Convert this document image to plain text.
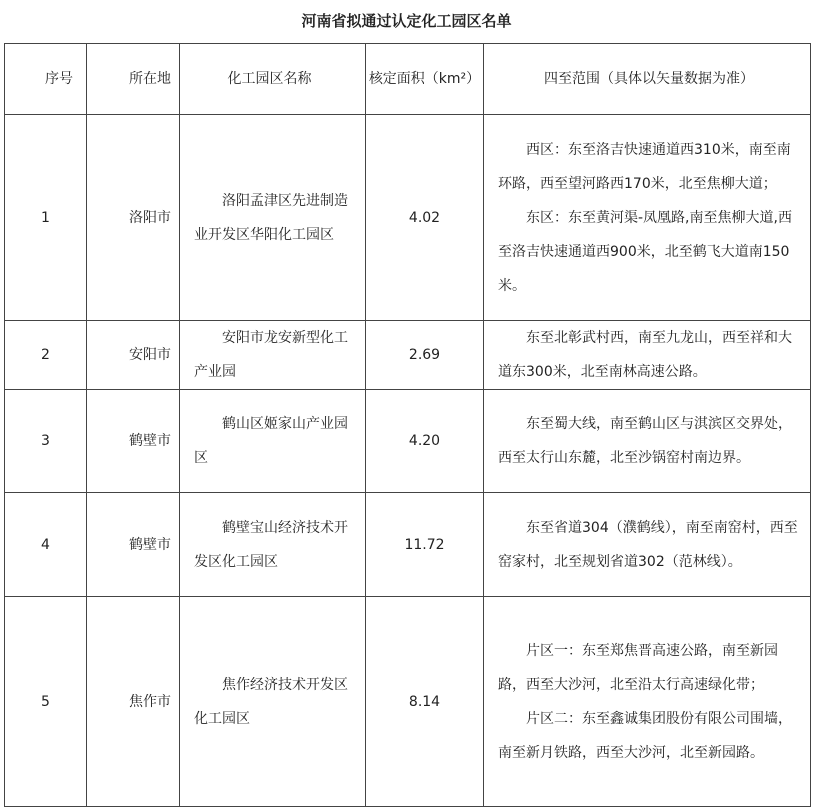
河南省拟通过认定化工园区名单
序号	所在地	化工园区名称	核定面积（km²）	四至范围（具体以矢量数据为准）
1	洛阳市	洛阳孟津区先进制造业开发区华阳化工园区	4.02	西区：东至洛吉快速通道西310米，南至南环路，西至望河路西170米，北至焦柳大道；

东区：东至黄河渠-凤凰路,南至焦柳大道,西至洛吉快速通道西900米，北至鹤飞大道南150米。

2	安阳市	安阳市龙安新型化工产业园	2.69	东至北彰武村西，南至九龙山，西至祥和大道东300米，北至南林高速公路。

3	鹤壁市	鹤山区姬家山产业园区	4.20	东至蜀大线，南至鹤山区与淇滨区交界处，西至太行山东麓，北至沙锅窑村南边界。

4	鹤壁市	鹤壁宝山经济技术开发区化工园区	11.72	东至省道304（濮鹤线），南至南窑村，西至窑家村，北至规划省道302（范林线）。

5	焦作市	焦作经济技术开发区化工园区	8.14	片区一：东至郑焦晋高速公路，南至新园路，西至大沙河，北至沿太行高速绿化带；

片区二：东至鑫诚集团股份有限公司围墙，南至新月铁路，西至大沙河，北至新园路。
